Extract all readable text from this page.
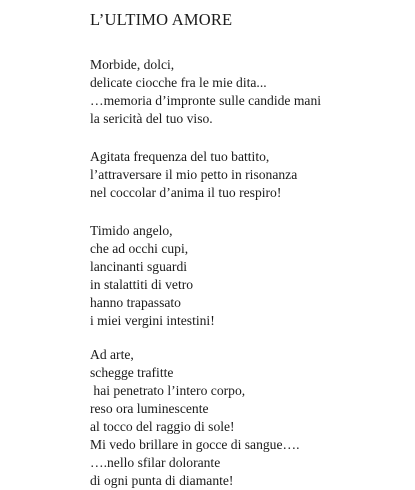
L’ULTIMO AMORE
Morbide, dolci,
delicate ciocche fra le mie dita...
…memoria d’impronte sulle candide mani
la sericità del tuo viso.
Agitata frequenza del tuo battito,
l’attraversare il mio petto in risonanza
nel coccolar d’anima il tuo respiro!
Timido angelo,
che ad occhi cupi,
lancinanti sguardi
in stalattiti di vetro
hanno trapassato
i miei vergini intestini!
Ad arte,
schegge trafitte
hai penetrato l’intero corpo,
reso ora luminescente
al tocco del raggio di sole!
Mi vedo brillare in gocce di sangue….
….nello sfilar dolorante
di ogni punta di diamante!
